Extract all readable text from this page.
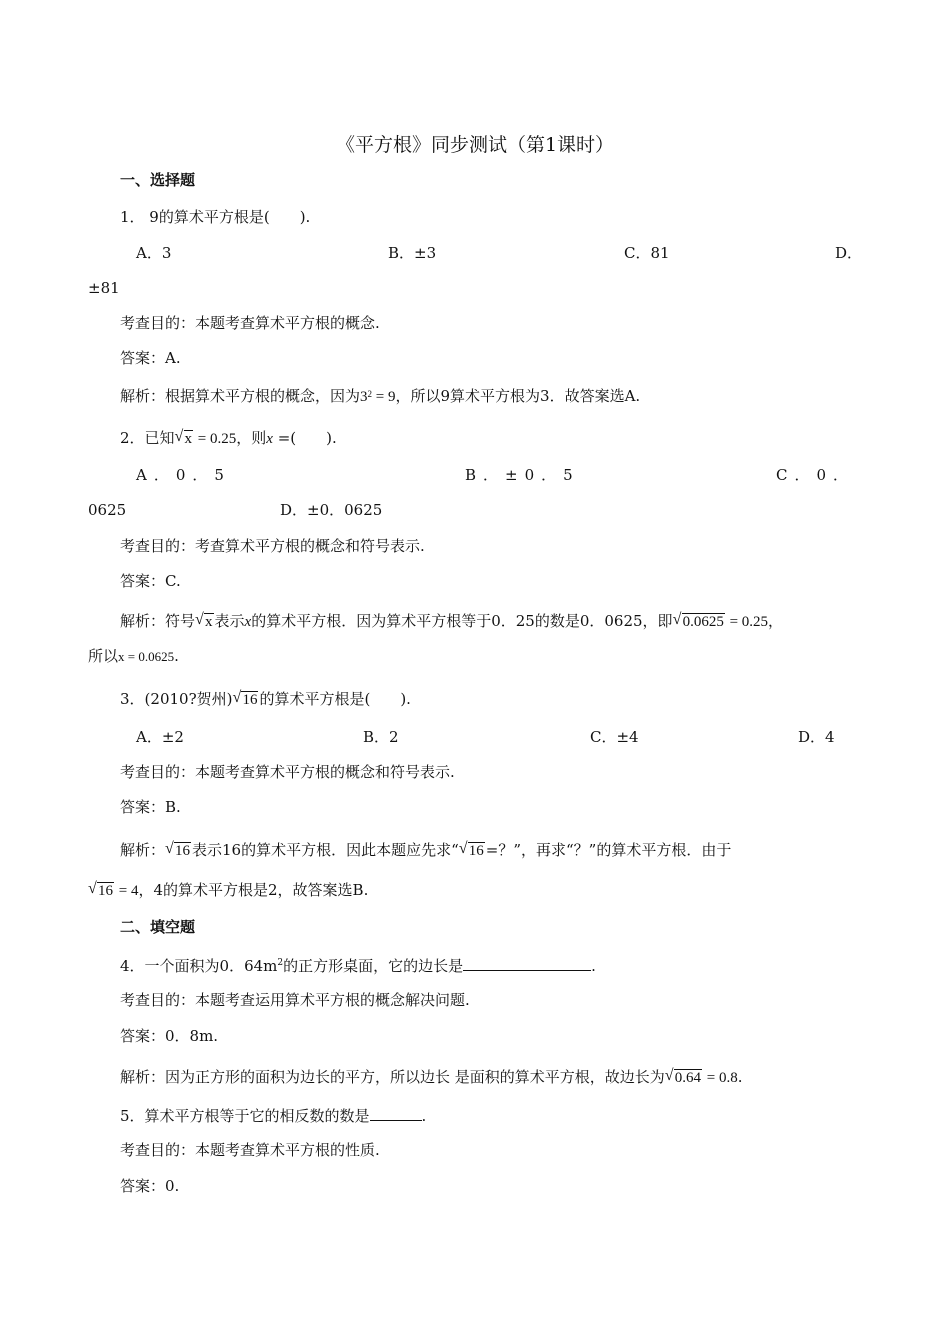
《平方根》同步测试（第1课时）
一、选择题
1． 9的算术平方根是(　　).
A．3	B．±3	C．81	D．
±81
考查目的：本题考查算术平方根的概念.
答案：A.
解析：根据算术平方根的概念，因为$3^2 = 9$，所以9算术平方根为3．故答案选A.
2．已知 √ x = 0.25，则x =(　　).
A．0．5	B．±0．5	C．0．
0625	D．±0．0625
考查目的：考查算术平方根的概念和符号表示.
答案：C.
解析：符号 √ x 表示x的算术平方根．因为算术平方根等于0．25的数是0．0625，即 √ 0.0625 = 0.25，
所以x = 0.0625.
3．(2010?贺州) √ 16 的算术平方根是(　　).
A．±2	B．2	C．±4	D．4
考查目的：本题考查算术平方根的概念和符号表示.
答案：B.
解析： √ 16 表示16的算术平方根．因此本题应先求“ √ 16 =？”，再求“？”的算术平方根．由于
√ 16 = 4，4的算术平方根是2，故答案选B.
二、填空题
4．一个面积为0．$64m^2$的正方形桌面，它的边长是	.
考查目的：本题考查运用算术平方根的概念解决问题.
答案：0．8m.
解析：因为正方形的面积为边长的平方，所以边长 是面积的算术平方根，故边长为 √ 0.64 = 0.8.
5．算术平方根等于它的相反数的数是	.
考查目的：本题考查算术平方根的性质.
答案：0.
